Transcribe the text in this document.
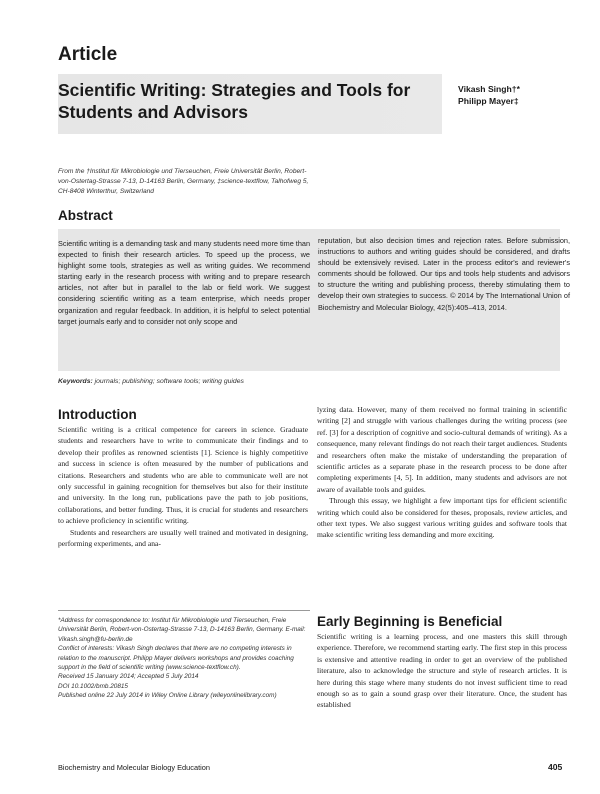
Article
Scientific Writing: Strategies and Tools for Students and Advisors
Vikash Singh†*
Philipp Mayer‡
From the †Institut für Mikrobiologie und Tierseuchen, Freie Universität Berlin, Robert-von-Ostertag-Strasse 7-13, D-14163 Berlin, Germany, ‡science-textflow, Talhofweg 5, CH-8408 Winterthur, Switzerland
Abstract
Scientific writing is a demanding task and many students need more time than expected to finish their research articles. To speed up the process, we highlight some tools, strategies as well as writing guides. We recommend starting early in the research process with writing and to prepare research articles, not after but in parallel to the lab or field work. We suggest considering scientific writing as a team enterprise, which needs proper organization and regular feedback. In addition, it is helpful to select potential target journals early and to consider not only scope and
reputation, but also decision times and rejection rates. Before submission, instructions to authors and writing guides should be considered, and drafts should be extensively revised. Later in the process editor's and reviewer's comments should be followed. Our tips and tools help students and advisors to structure the writing and publishing process, thereby stimulating them to develop their own strategies to success. © 2014 by The International Union of Biochemistry and Molecular Biology, 42(5):405–413, 2014.
Keywords: journals; publishing; software tools; writing guides
Introduction

Scientific writing is a critical competence for careers in science. Graduate students and researchers have to write to communicate their findings and to develop their profiles as renowned scientists [1]. Science is highly competitive and success in science is often measured by the number of publications and citations. Researchers and students who are able to communicate well are not only successful in gaining recognition for themselves but also for their institute and university. In the long run, publications pave the path to job positions, collaborations, and better funding. Thus, it is crucial for students and researchers to achieve proficiency in scientific writing.

Students and researchers are usually well trained and motivated in designing, performing experiments, and ana-

*Address for correspondence to: Institut für Mikrobiologie und Tierseuchen, Freie Universität Berlin, Robert-von-Ostertag-Strasse 7-13, D-14163 Berlin, Germany. E-mail: Vikash.singh@fu-berlin.de

Conflict of interests: Vikash Singh declares that there are no competing interests in relation to the manuscript. Philipp Mayer delivers workshops and provides coaching support in the field of scientific writing (www.science-textflow.ch).

Received 15 January 2014; Accepted 5 July 2014

DOI 10.1002/bmb.20815

Published online 22 July 2014 in Wiley Online Library (wileyonlinelibrary.com)

lyzing data. However, many of them received no formal training in scientific writing [2] and struggle with various challenges during the writing process (see ref. [3] for a description of cognitive and socio-cultural demands of writing). As a consequence, many relevant findings do not reach their target audiences. Students and researchers often make the mistake of understanding the preparation of scientific articles as a separate phase in the research process to be done after completing experiments [4, 5]. In addition, many students and advisors are not aware of available tools and guides.

Through this essay, we highlight a few important tips for efficient scientific writing which could also be considered for theses, proposals, review articles, and other text types. We also suggest various writing guides and software tools that make scientific writing less demanding and more exciting.

Early Beginning is Beneficial

Scientific writing is a learning process, and one masters this skill through experience. Therefore, we recommend starting early. The first step in this process is extensive and attentive reading in order to get an overview of the published literature, also to acknowledge the structure and style of research articles. It is here during this stage where many students do not invest sufficient time to read enough so as to gain a sound grasp over their literature. Once, the student has established

Biochemistry and Molecular Biology Education	405
